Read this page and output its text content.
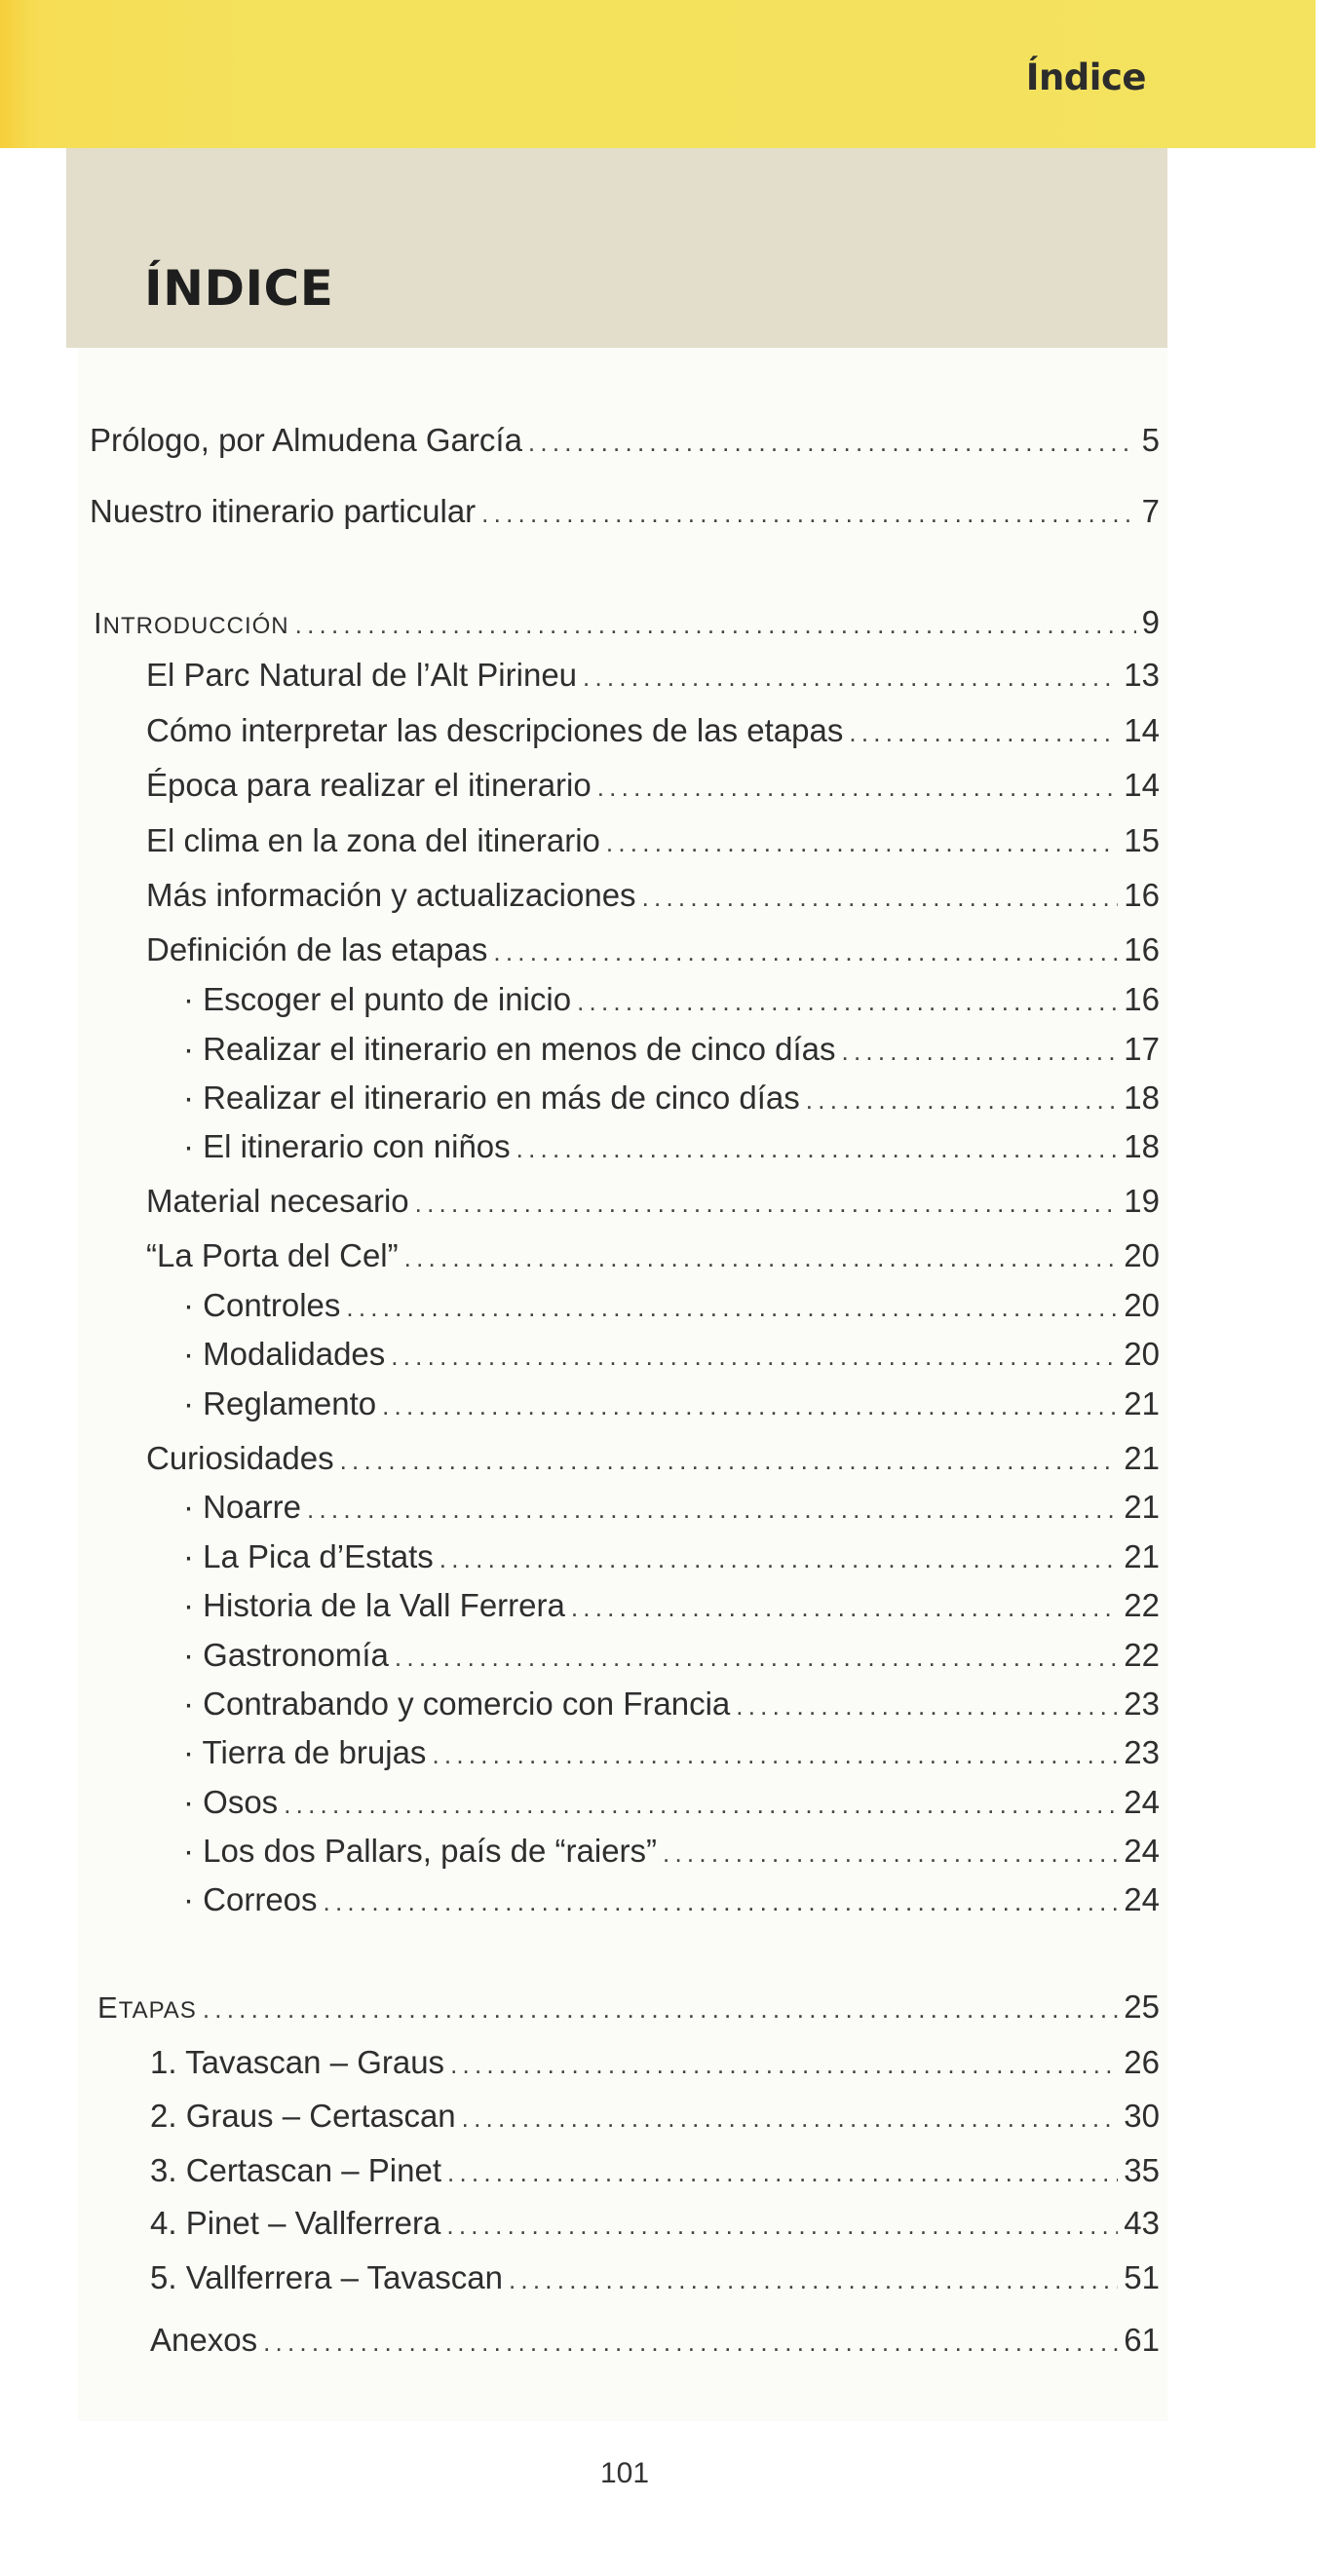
Índice
ÍNDICE
Prólogo, por Almudena García . . .	5
Nuestro itinerario particular . . .	7
INTRODUCCIÓN . . .	9
El Parc Natural de l’Alt Pirineu . . .	13
Cómo interpretar las descripciones de las etapas . . .	14
Época para realizar el itinerario . . .	14
El clima en la zona del itinerario . . .	15
Más información y actualizaciones . . .	16
Definición de las etapas . . .	16
· Escoger el punto de inicio . . .	16
· Realizar el itinerario en menos de cinco días . . .	17
· Realizar el itinerario en más de cinco días . . .	18
· El itinerario con niños . . .	18
Material necesario . . .	19
“La Porta del Cel” . . .	20
· Controles . . .	20
· Modalidades . . .	20
· Reglamento . . .	21
Curiosidades . . .	21
· Noarre . . .	21
· La Pica d’Estats . . .	21
· Historia de la Vall Ferrera . . .	22
· Gastronomía . . .	22
· Contrabando y comercio con Francia . . .	23
· Tierra de brujas . . .	23
· Osos . . .	24
· Los dos Pallars, país de “raiers” . . .	24
· Correos . . .	24
ETAPAS . . .	25
1. Tavascan – Graus . . .	26
2. Graus – Certascan . . .	30
3. Certascan – Pinet . . .	35
4. Pinet – Vallferrera . . .	43
5. Vallferrera – Tavascan . . .	51
Anexos . . .	61
101
